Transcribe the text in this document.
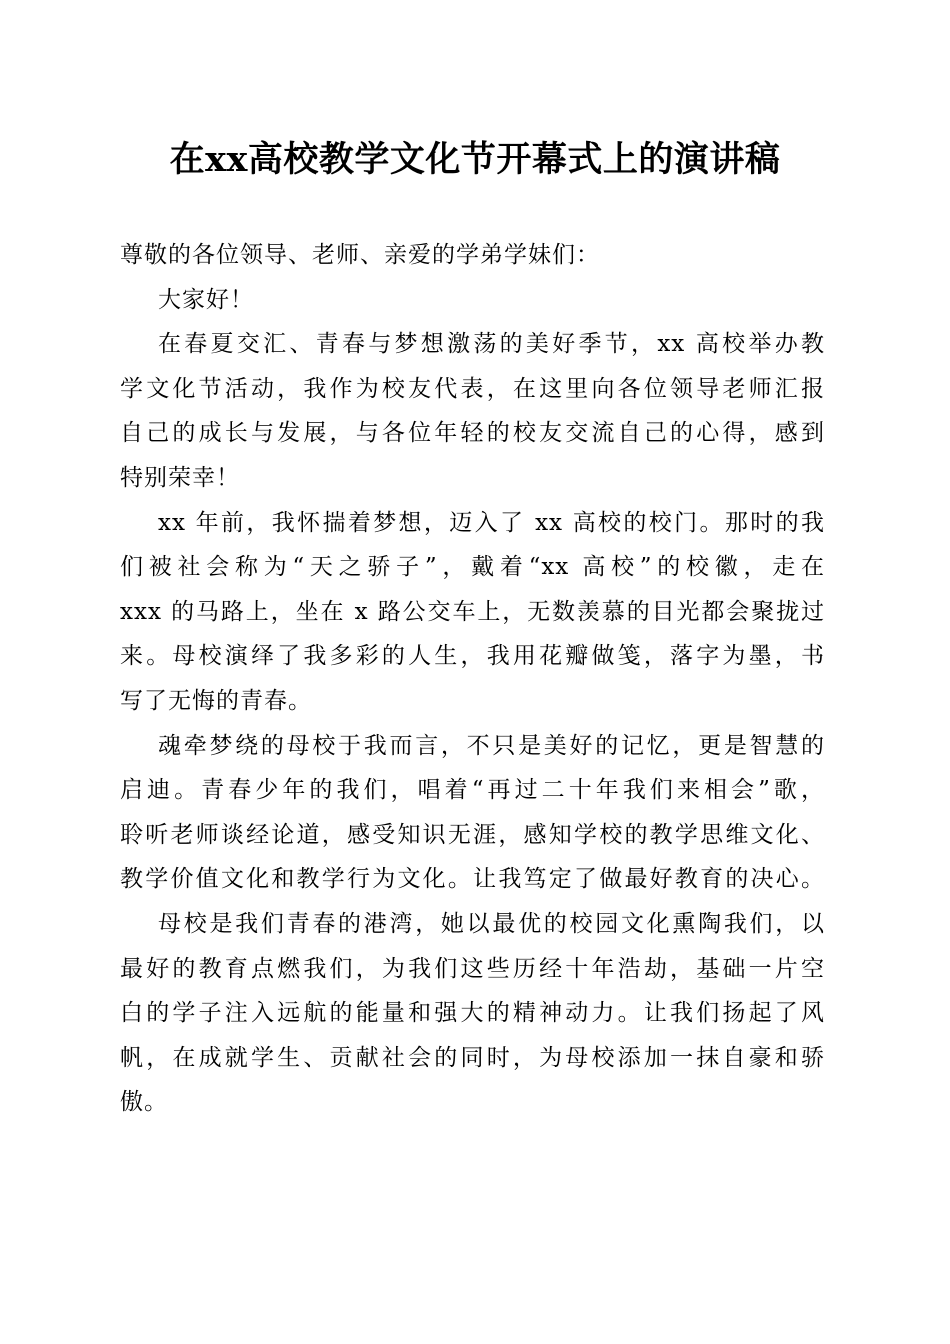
在xx高校教学文化节开幕式上的演讲稿
尊敬的各位领导、老师、亲爱的学弟学妹们：
大家好！
在春夏交汇、青春与梦想激荡的美好季节，xx 高校举办教
学文化节活动，我作为校友代表，在这里向各位领导老师汇报
自己的成长与发展，与各位年轻的校友交流自己的心得，感到
特别荣幸！
xx 年前，我怀揣着梦想，迈入了 xx 高校的校门。那时的我
们被社会称为“天之骄子”，戴着“xx 高校”的校徽，走在
xxx 的马路上，坐在 x 路公交车上，无数羡慕的目光都会聚拢过
来。母校演绎了我多彩的人生，我用花瓣做笺，落字为墨，书
写了无悔的青春。
魂牵梦绕的母校于我而言，不只是美好的记忆，更是智慧的
启迪。青春少年的我们，唱着“再过二十年我们来相会”歌，
聆听老师谈经论道，感受知识无涯，感知学校的教学思维文化、
教学价值文化和教学行为文化。让我笃定了做最好教育的决心。
母校是我们青春的港湾，她以最优的校园文化熏陶我们，以
最好的教育点燃我们，为我们这些历经十年浩劫，基础一片空
白的学子注入远航的能量和强大的精神动力。让我们扬起了风
帆，在成就学生、贡献社会的同时，为母校添加一抹自豪和骄
傲。
